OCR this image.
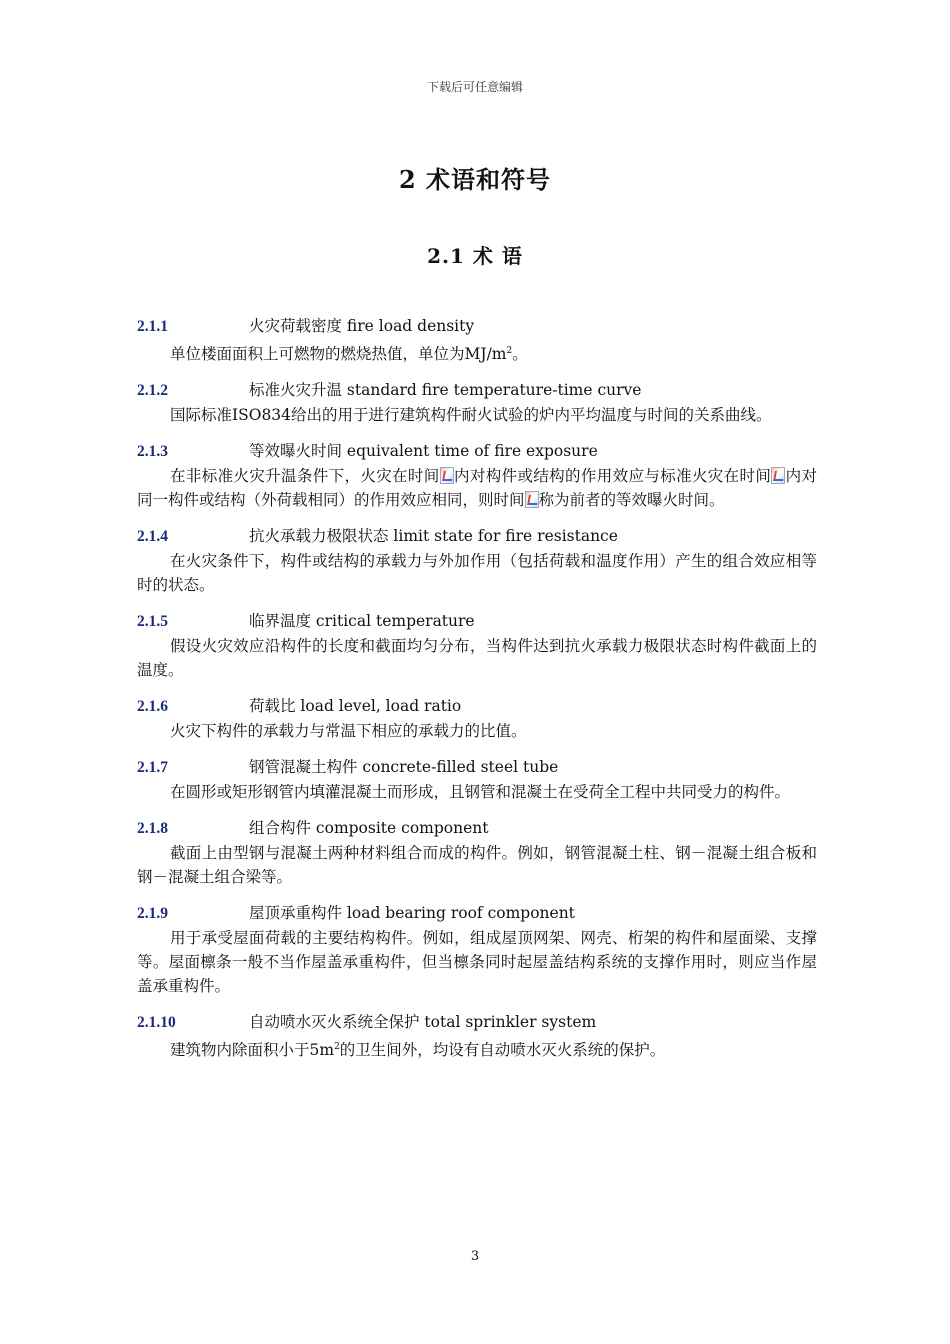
下载后可任意编辑
2 术语和符号
2.1 术 语
2.1.1	火灾荷载密度 fire load density
单位楼面面积上可燃物的燃烧热值，单位为$MJ/m^2$。
2.1.2	标准火灾升温 standard fire temperature-time curve
国际标准ISO834给出的用于进行建筑构件耐火试验的炉内平均温度与时间的关系曲线。
2.1.3	等效曝火时间 equivalent time of fire exposure
在非标准火灾升温条件下，火灾在时间 内对构件或结构的作用效应与标准火灾在时间 内对同一构件或结构（外荷载相同）的作用效应相同，则时间 称为前者的等效曝火时间。
2.1.4	抗火承载力极限状态 limit state for fire resistance
在火灾条件下，构件或结构的承载力与外加作用（包括荷载和温度作用）产生的组合效应相等时的状态。
2.1.5	临界温度 critical temperature
假设火灾效应沿构件的长度和截面均匀分布，当构件达到抗火承载力极限状态时构件截面上的温度。
2.1.6	荷载比 load level, load ratio
火灾下构件的承载力与常温下相应的承载力的比值。
2.1.7	钢管混凝土构件 concrete-filled steel tube
在圆形或矩形钢管内填灌混凝土而形成，且钢管和混凝土在受荷全工程中共同受力的构件。
2.1.8	组合构件 composite component
截面上由型钢与混凝土两种材料组合而成的构件。例如，钢管混凝土柱、钢－混凝土组合板和钢－混凝土组合梁等。
2.1.9	屋顶承重构件 load bearing roof component
用于承受屋面荷载的主要结构构件。例如，组成屋顶网架、网壳、桁架的构件和屋面梁、支撑等。屋面檩条一般不当作屋盖承重构件，但当檩条同时起屋盖结构系统的支撑作用时，则应当作屋盖承重构件。
2.1.10	自动喷水灭火系统全保护 total sprinkler system
建筑物内除面积小于$5m^2$的卫生间外，均设有自动喷水灭火系统的保护。
3
